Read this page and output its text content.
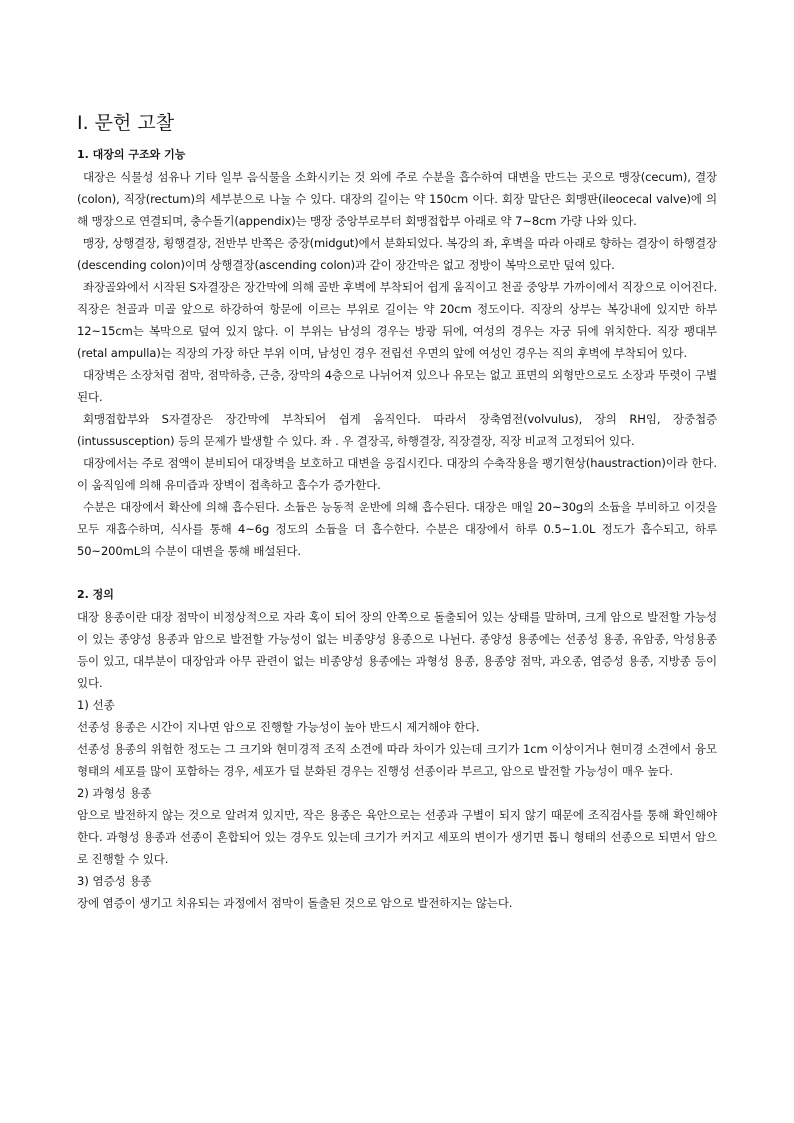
Ⅰ. 문헌 고찰

1. 대장의 구조와 기능

대장은 식물성 섬유나 기타 일부 음식물을 소화시키는 것 외에 주로 수분을 흡수하여 대변을 만드는 곳으로 맹장(cecum), 결장(colon), 직장(rectum)의 세부분으로 나눌 수 있다. 대장의 길이는 약 150cm 이다. 회장 말단은 회맹판(ileocecal valve)에 의해 맹장으로 연결되며, 충수돌기(appendix)는 맹장 중앙부로부터 회맹접합부 아래로 약 7~8cm 가량 나와 있다.

맹장, 상행결장, 횡행결장, 전반부 반쪽은 중장(midgut)에서 분화되었다. 복강의 좌, 후벽을 따라 아래로 향하는 결장이 하행결장(descending colon)이며 상행결장(ascending colon)과 같이 장간막은 없고 정방이 복막으로만 덮여 있다.

좌장골와에서 시작된 S자결장은 장간막에 의해 골반 후벽에 부착되어 쉽게 움직이고 천골 중앙부 가까이에서 직장으로 이어진다. 직장은 천골과 미골 앞으로 하강하여 항문에 이르는 부위로 길이는 약 20cm 정도이다. 직장의 상부는 복강내에 있지만 하부 12~15cm는 복막으로 덮여 있지 않다. 이 부위는 남성의 경우는 방광 뒤에, 여성의 경우는 자궁 뒤에 위치한다. 직장 팽대부(retal ampulla)는 직장의 가장 하단 부위 이며, 남성인 경우 전립선 우면의 앞에 여성인 경우는 직의 후벽에 부착되어 있다.

대장벽은 소장처럼 점막, 점막하층, 근층, 장막의 4층으로 나뉘어져 있으나 유모는 없고 표면의 외형만으로도 소장과 뚜렷이 구별된다.

회맹접합부와 S자결장은 장간막에 부착되어 쉽게 움직인다. 따라서 장축염전(volvulus), 장의 RH임, 장중첩증(intussusception) 등의 문제가 발생할 수 있다. 좌 . 우 결장곡, 하행결장, 직장결장, 직장 비교적 고정되어 있다.

대장에서는 주로 점액이 분비되어 대장벽을 보호하고 대변을 응집시킨다. 대장의 수축작용을 팽기현상(haustraction)이라 한다. 이 움직임에 의해 유미즙과 장벽이 접촉하고 흡수가 증가한다.

수분은 대장에서 확산에 의해 흡수된다. 소듐은 능동적 운반에 의해 흡수된다. 대장은 매일 20~30g의 소듐을 부비하고 이것을 모두 재흡수하며, 식사를 통해 4~6g 정도의 소듐을 더 흡수한다. 수분은 대장에서 하루 0.5~1.0L 정도가 흡수되고, 하루 50~200mL의 수분이 대변을 통해 배설된다.

2. 정의

대장 용종이란 대장 점막이 비정상적으로 자라 혹이 되어 장의 안쪽으로 돌출되어 있는 상태를 말하며, 크게 암으로 발전할 가능성이 있는 종양성 용종과 암으로 발전할 가능성이 없는 비종양성 용종으로 나뉜다. 종양성 용종에는 선종성 용종, 유암종, 악성용종 등이 있고, 대부분이 대장암과 아무 관련이 없는 비종양성 용종에는 과형성 용종, 용종양 점막, 과오종, 염증성 용종, 지방종 등이 있다.

1) 선종

선종성 용종은 시간이 지나면 암으로 진행할 가능성이 높아 반드시 제거해야 한다.

선종성 용종의 위험한 정도는 그 크기와 현미경적 조직 소견에 따라 차이가 있는데 크기가 1cm 이상이거나 현미경 소견에서 융모형태의 세포를 많이 포함하는 경우, 세포가 덜 분화된 경우는 진행성 선종이라 부르고, 암으로 발전할 가능성이 매우 높다.

2) 과형성 용종

암으로 발전하지 않는 것으로 알려져 있지만, 작은 용종은 육안으로는 선종과 구별이 되지 않기 때문에 조직검사를 통해 확인해야 한다. 과형성 용종과 선종이 혼합되어 있는 경우도 있는데 크기가 커지고 세포의 변이가 생기면 톱니 형태의 선종으로 되면서 암으로 진행할 수 있다.

3) 염증성 용종

장에 염증이 생기고 치유되는 과정에서 점막이 돌출된 것으로 암으로 발전하지는 않는다.
